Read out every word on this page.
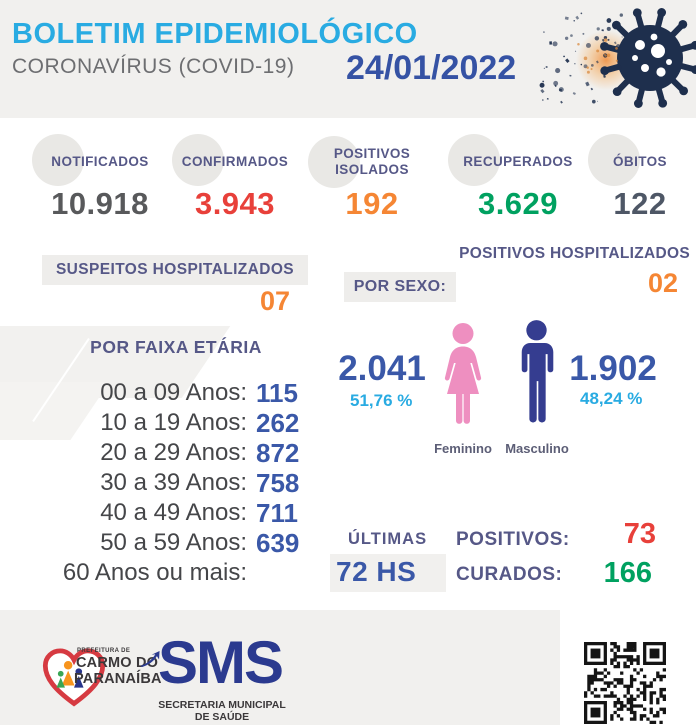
BOLETIM EPIDEMIOLÓGICO
CORONAVÍRUS (COVID-19) 24/01/2022
NOTIFICADOS
10.918
CONFIRMADOS
3.943
POSITIVOS ISOLADOS
192
RECUPERADOS
3.629
ÓBITOS
122
SUSPEITOS HOSPITALIZADOS
07
POSITIVOS HOSPITALIZADOS
02
POR SEXO:
POR FAIXA ETÁRIA
00 a 09 Anos: 115
10 a 19 Anos: 262
20 a 29 Anos: 872
30 a 39 Anos: 758
40 a 49 Anos: 711
50 a 59 Anos: 639
60 Anos ou mais:
2.041
51,76 %
1.902
48,24 %
Feminino	Masculino
ÚLTIMAS
72 HS
POSITIVOS:	73
CURADOS:	166
PREFEITURA DE
CARMO DO
PARANAÍBA
SMS
SECRETARIA MUNICIPAL
DE SAÚDE
